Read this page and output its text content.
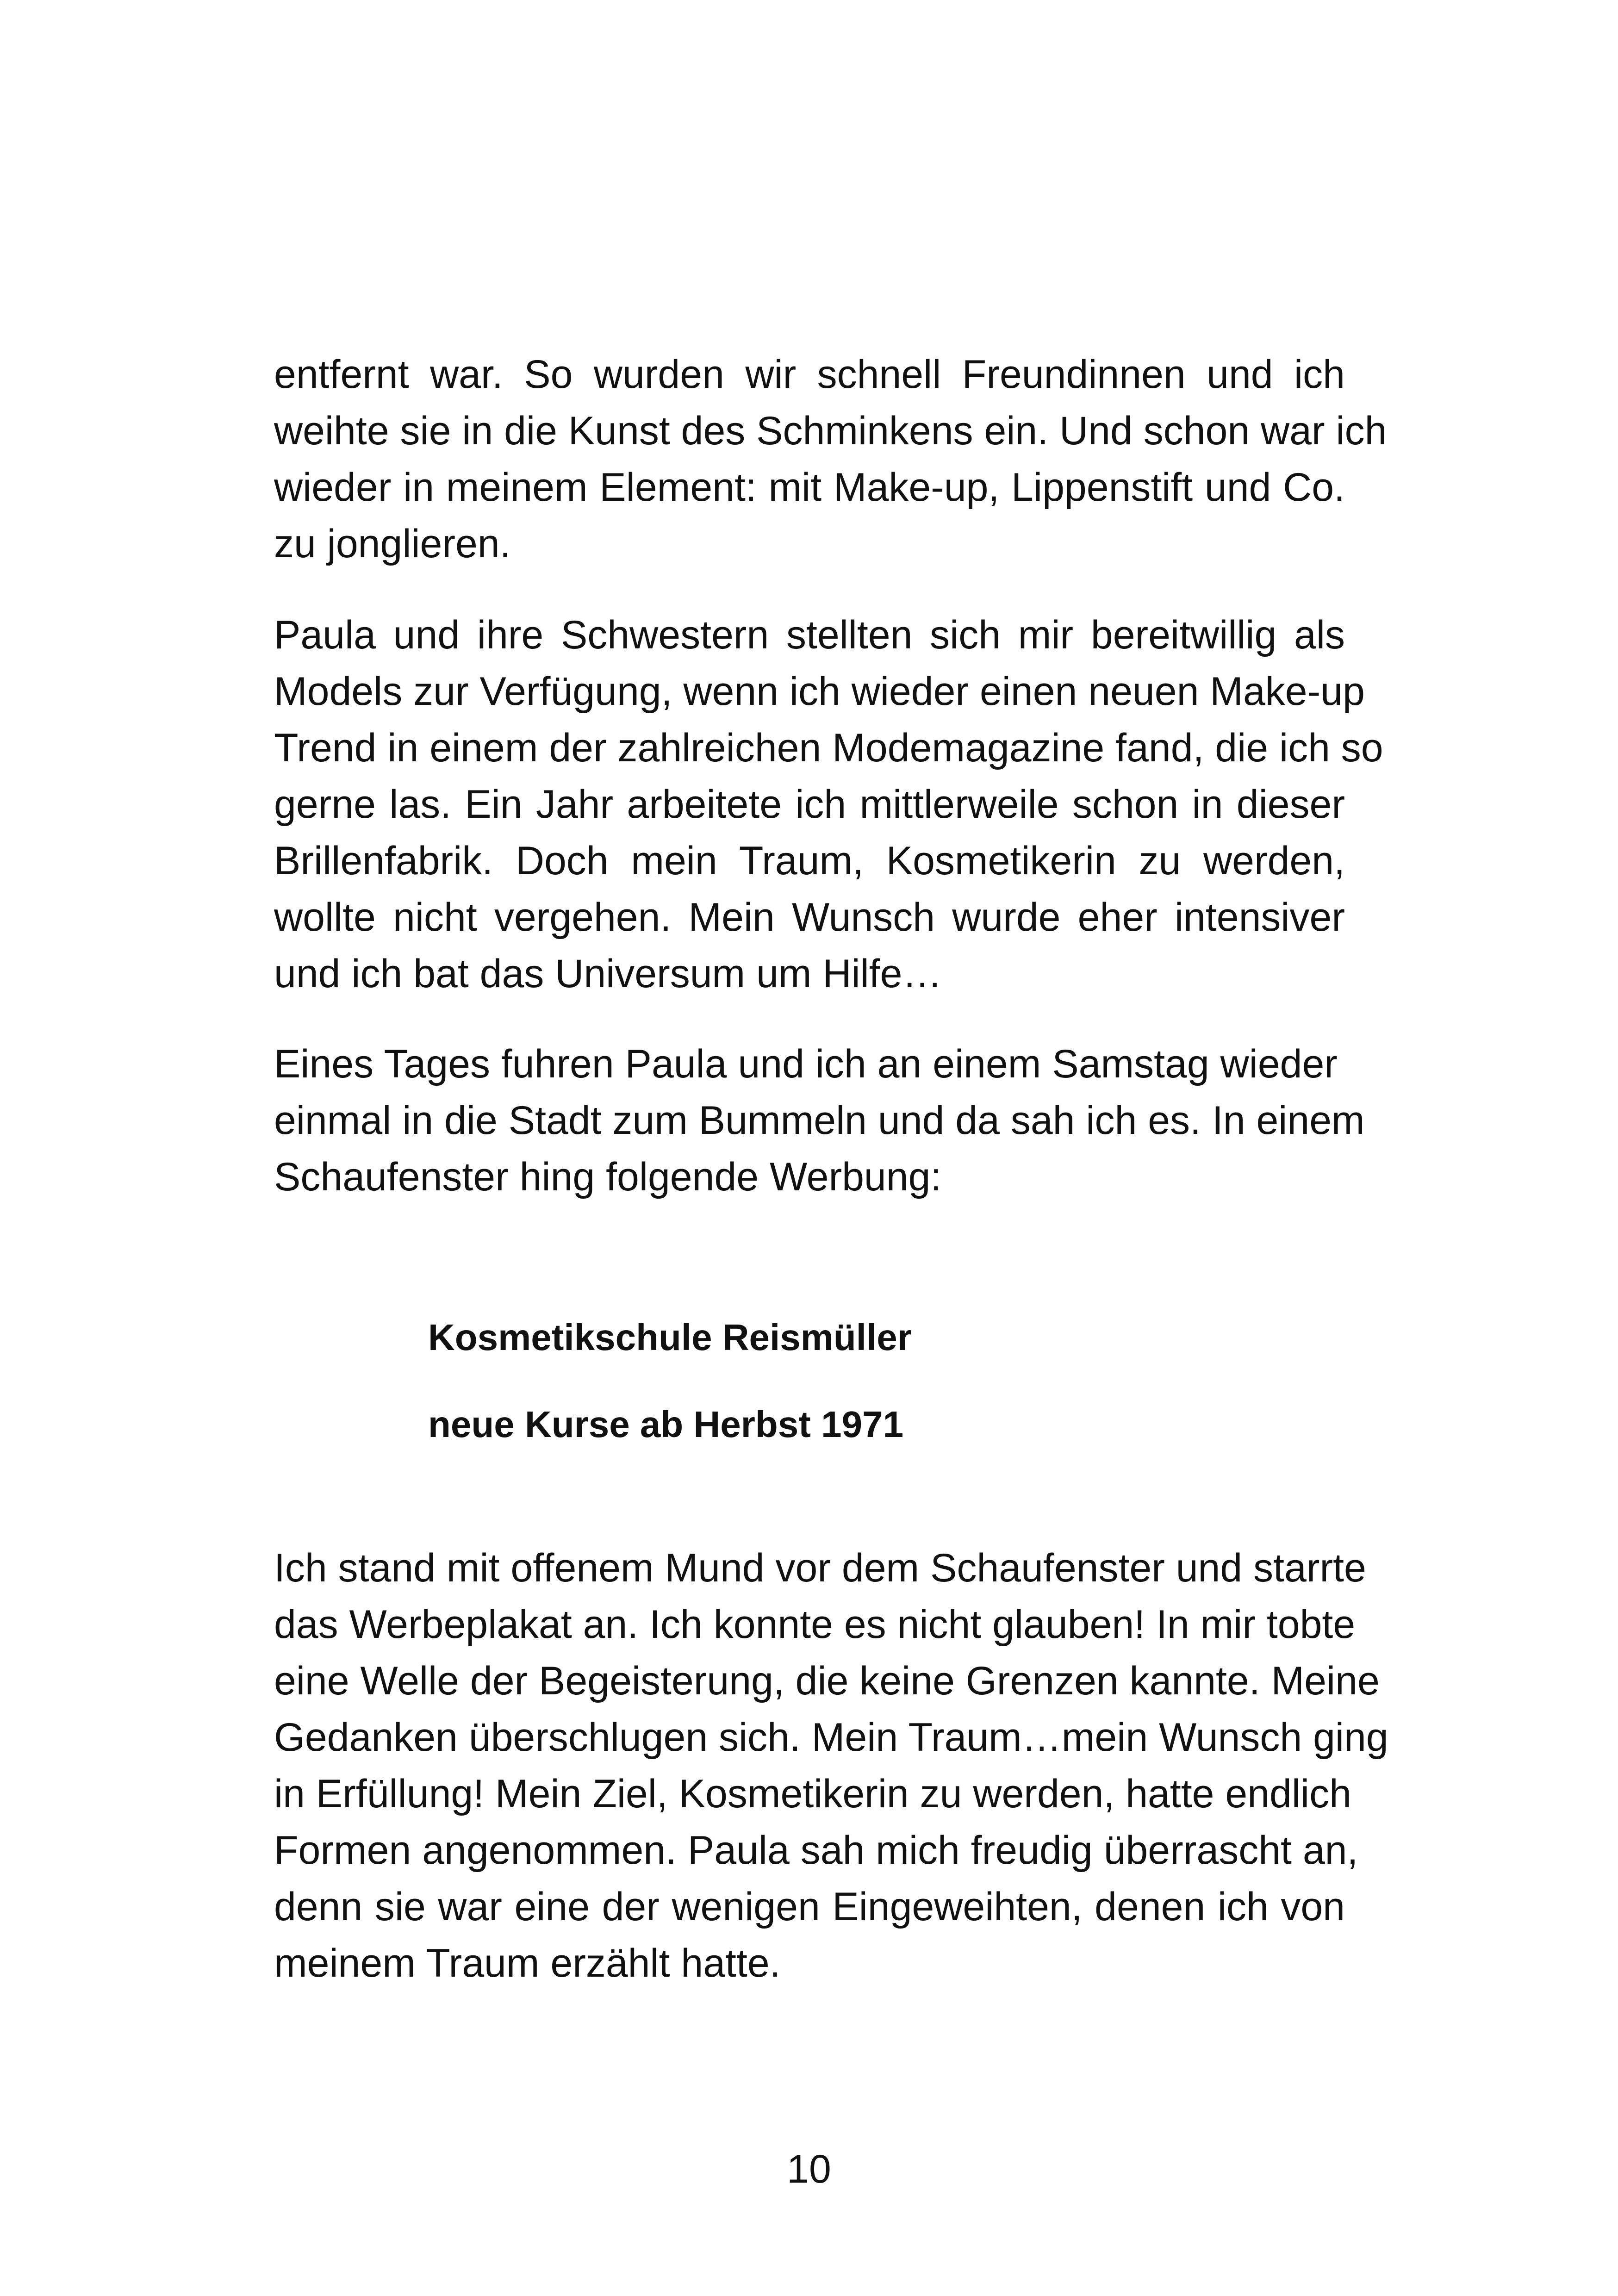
entfernt war. So wurden wir schnell Freundinnen und ich
weihte sie in die Kunst des Schminkens ein. Und schon war ich
wieder in meinem Element: mit Make-up, Lippenstift und Co.
zu jonglieren.
Paula und ihre Schwestern stellten sich mir bereitwillig als
Models zur Verfügung, wenn ich wieder einen neuen Make-up
Trend in einem der zahlreichen Modemagazine fand, die ich so
gerne las. Ein Jahr arbeitete ich mittlerweile schon in dieser
Brillenfabrik. Doch mein Traum, Kosmetikerin zu werden,
wollte nicht vergehen. Mein Wunsch wurde eher intensiver
und ich bat das Universum um Hilfe…
Eines Tages fuhren Paula und ich an einem Samstag wieder
einmal in die Stadt zum Bummeln und da sah ich es. In einem
Schaufenster hing folgende Werbung:

Kosmetikschule Reismüller

neue Kurse ab Herbst 1971

Ich stand mit offenem Mund vor dem Schaufenster und starrte
das Werbeplakat an. Ich konnte es nicht glauben! In mir tobte
eine Welle der Begeisterung, die keine Grenzen kannte. Meine
Gedanken überschlugen sich. Mein Traum…mein Wunsch ging
in Erfüllung! Mein Ziel, Kosmetikerin zu werden, hatte endlich
Formen angenommen. Paula sah mich freudig überrascht an,
denn sie war eine der wenigen Eingeweihten, denen ich von
meinem Traum erzählt hatte.

10
